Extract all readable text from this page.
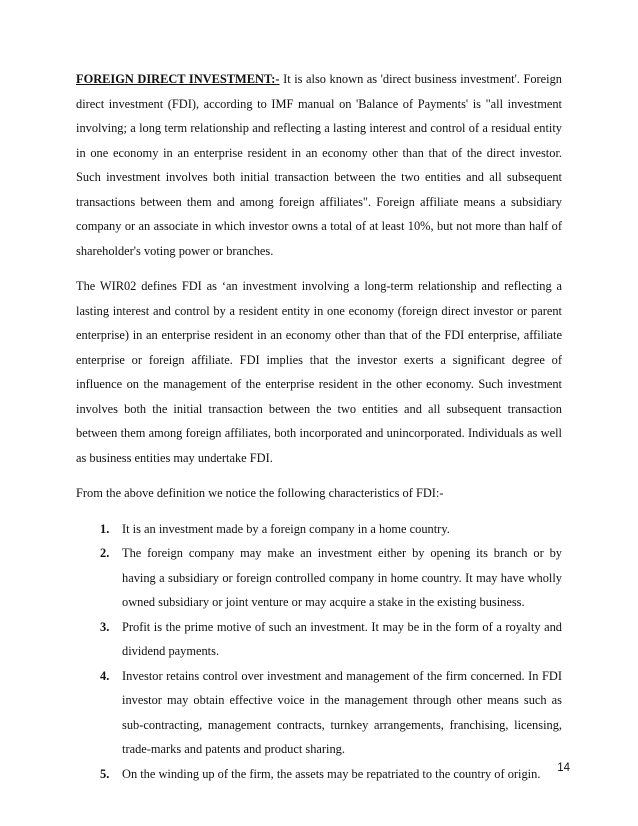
FOREIGN DIRECT INVESTMENT:- It is also known as 'direct business investment'. Foreign direct investment (FDI), according to IMF manual on 'Balance of Payments' is "all investment involving; a long term relationship and reflecting a lasting interest and control of a residual entity in one economy in an enterprise resident in an economy other than that of the direct investor. Such investment involves both initial transaction between the two entities and all subsequent transactions between them and among foreign affiliates". Foreign affiliate means a subsidiary company or an associate in which investor owns a total of at least 10%, but not more than half of shareholder's voting power or branches.

The WIR02 defines FDI as ‘an investment involving a long-term relationship and reflecting a lasting interest and control by a resident entity in one economy (foreign direct investor or parent enterprise) in an enterprise resident in an economy other than that of the FDI enterprise, affiliate enterprise or foreign affiliate. FDI implies that the investor exerts a significant degree of influence on the management of the enterprise resident in the other economy. Such investment involves both the initial transaction between the two entities and all subsequent transaction between them among foreign affiliates, both incorporated and unincorporated. Individuals as well as business entities may undertake FDI.

From the above definition we notice the following characteristics of FDI:-

1. It is an investment made by a foreign company in a home country.
2. The foreign company may make an investment either by opening its branch or by having a subsidiary or foreign controlled company in home country. It may have wholly owned subsidiary or joint venture or may acquire a stake in the existing business.
3. Profit is the prime motive of such an investment. It may be in the form of a royalty and dividend payments.
4. Investor retains control over investment and management of the firm concerned. In FDI investor may obtain effective voice in the management through other means such as sub-contracting, management contracts, turnkey arrangements, franchising, licensing, trade-marks and patents and product sharing.
5. On the winding up of the firm, the assets may be repatriated to the country of origin.	14
